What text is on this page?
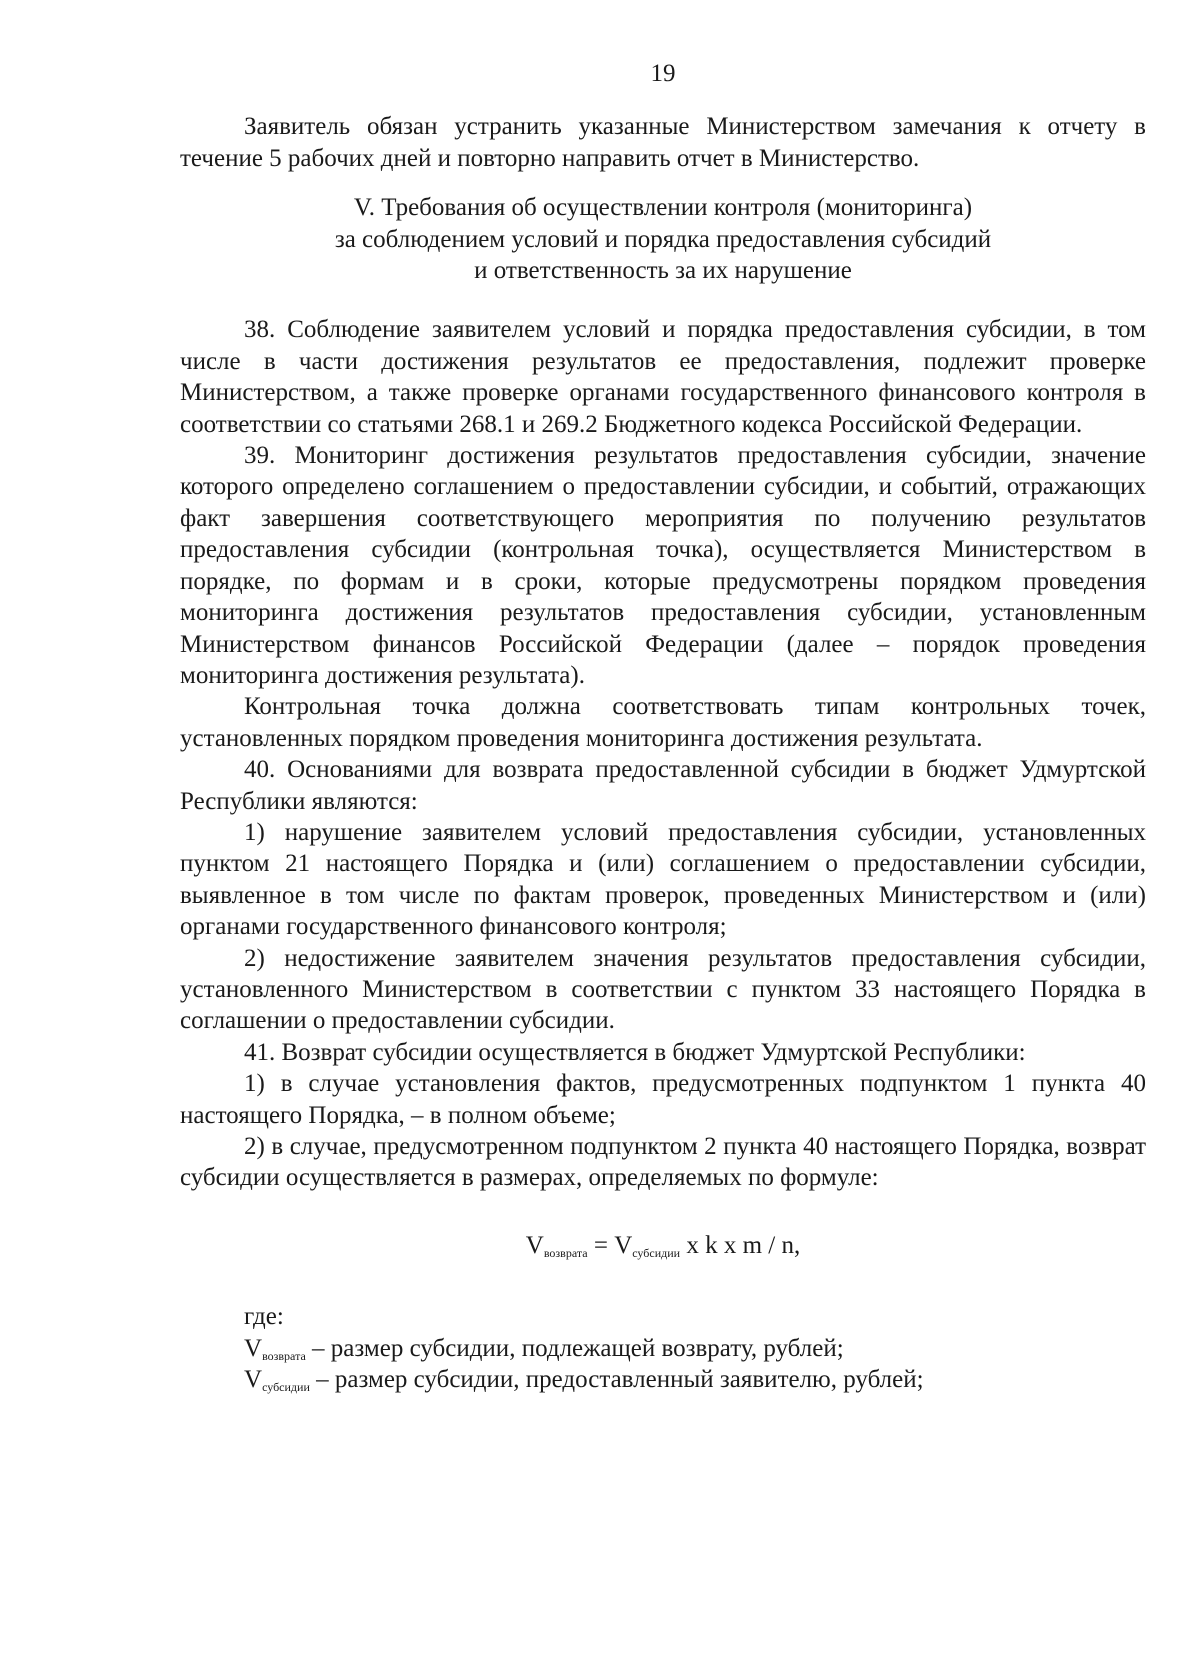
19

Заявитель обязан устранить указанные Министерством замечания к отчету в течение 5 рабочих дней и повторно направить отчет в Министерство.

V. Требования об осуществлении контроля (мониторинга)
за соблюдением условий и порядка предоставления субсидий
и ответственность за их нарушение

38. Соблюдение заявителем условий и порядка предоставления субсидии, в том числе в части достижения результатов ее предоставления, подлежит проверке Министерством, а также проверке органами государственного финансового контроля в соответствии со статьями 268.1 и 269.2 Бюджетного кодекса Российской Федерации.

39. Мониторинг достижения результатов предоставления субсидии, значение которого определено соглашением о предоставлении субсидии, и событий, отражающих факт завершения соответствующего мероприятия по получению результатов предоставления субсидии (контрольная точка), осуществляется Министерством в порядке, по формам и в сроки, которые предусмотрены порядком проведения мониторинга достижения результатов предоставления субсидии, установленным Министерством финансов Российской Федерации (далее – порядок проведения мониторинга достижения результата).

Контрольная точка должна соответствовать типам контрольных точек, установленных порядком проведения мониторинга достижения результата.

40. Основаниями для возврата предоставленной субсидии в бюджет Удмуртской Республики являются:

1) нарушение заявителем условий предоставления субсидии, установленных пунктом 21 настоящего Порядка и (или) соглашением о предоставлении субсидии, выявленное в том числе по фактам проверок, проведенных Министерством и (или) органами государственного финансового контроля;

2) недостижение заявителем значения результатов предоставления субсидии, установленного Министерством в соответствии с пунктом 33 настоящего Порядка в соглашении о предоставлении субсидии.

41. Возврат субсидии осуществляется в бюджет Удмуртской Республики:

1) в случае установления фактов, предусмотренных подпунктом 1 пункта 40 настоящего Порядка, – в полном объеме;

2) в случае, предусмотренном подпунктом 2 пункта 40 настоящего Порядка, возврат субсидии осуществляется в размерах, определяемых по формуле:

$V_{возврата} = V_{субсидии}$ x k x m / n,

где:

$V_{возврата}$ – размер субсидии, подлежащей возврату, рублей;

$V_{субсидии}$ – размер субсидии, предоставленный заявителю, рублей;
